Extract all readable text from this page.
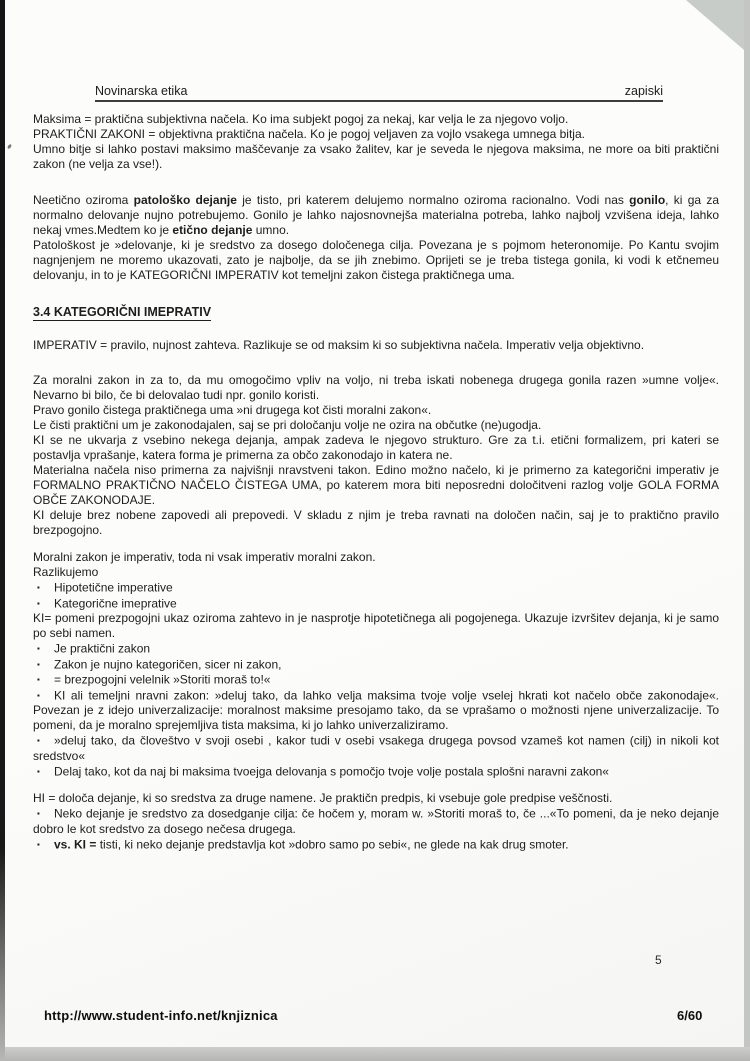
Novinarska etika	zapiski
Maksima = praktična subjektivna načela. Ko ima subjekt pogoj za nekaj, kar velja le za njegovo voljo.
PRAKTIČNI ZAKONI = objektivna praktična načela. Ko je pogoj veljaven za vojlo vsakega umnega bitja.
Umno bitje si lahko postavi maksimo maščevanje za vsako žalitev, kar je seveda le njegova maksima, ne more oa biti praktični zakon (ne velja za vse!).
Neetično oziroma patološko dejanje je tisto, pri katerem delujemo normalno oziroma racionalno. Vodi nas gonilo, ki ga za normalno delovanje nujno potrebujemo. Gonilo je lahko najosnovnejša materialna potreba, lahko najbolj vzvišena ideja, lahko nekaj vmes.Medtem ko je etično dejanje umno.
Patološkost je »delovanje, ki je sredstvo za dosego določenega cilja. Povezana je s pojmom heteronomije. Po Kantu svojim nagnjenjem ne moremo ukazovati, zato je najbolje, da se jih znebimo. Oprijeti se je treba tistega gonila, ki vodi k etčnemeu delovanju, in to je KATEGORIČNI IMPERATIV kot temeljni zakon čistega praktičnega uma.
3.4 KATEGORIČNI IMEPRATIV
IMPERATIV = pravilo, nujnost zahteva. Razlikuje se od maksim ki so subjektivna načela. Imperativ velja objektivno.
Za moralni zakon in za to, da mu omogočimo vpliv na voljo, ni treba iskati nobenega drugega gonila razen »umne volje«. Nevarno bi bilo, če bi delovalao tudi npr. gonilo koristi.
Pravo gonilo čistega praktičnega uma »ni drugega kot čisti moralni zakon«.
Le čisti praktični um je zakonodajalen, saj se pri določanju volje ne ozira na občutke (ne)ugodja.
KI se ne ukvarja z vsebino nekega dejanja, ampak zadeva le njegovo strukturo. Gre za t.i. etični formalizem, pri kateri se postavlja vprašanje, katera forma je primerna za občo zakonodajo in katera ne.
Materialna načela niso primerna za najvišnji nravstveni takon. Edino možno načelo, ki je primerno za kategorični imperativ je FORMALNO PRAKTIČNO NAČELO ČISTEGA UMA, po katerem mora biti neposredni določitveni razlog volje GOLA FORMA OBČE ZAKONODAJE.
KI deluje brez nobene zapovedi ali prepovedi. V skladu z njim je treba ravnati na določen način, saj je to praktično pravilo brezpogojno.
Moralni zakon je imperativ, toda ni vsak imperativ moralni zakon.
Razlikujemo
▪ Hipotetične imperative
▪ Kategorične imeprative
KI= pomeni prezpogojni ukaz oziroma zahtevo in je nasprotje hipotetičnega ali pogojenega. Ukazuje izvršitev dejanja, ki je samo po sebi namen.
▪ Je praktični zakon
▪ Zakon je nujno kategoričen, sicer ni zakon,
▪ = brezpogojni velelnik »Storiti moraš to!«
▪ KI ali temeljni nravni zakon: »deluj tako, da lahko velja maksima tvoje volje vselej hkrati kot načelo obče zakonodaje«. Povezan je z idejo univerzalizacije: moralnost maksime presojamo tako, da se vprašamo o možnosti njene univerzalizacije. To pomeni, da je moralno sprejemljiva tista maksima, ki jo lahko univerzaliziramo.
▪ »deluj tako, da človeštvo v svoji osebi , kakor tudi v osebi vsakega drugega povsod vzameš kot namen (cilj) in nikoli kot sredstvo«
▪ Delaj tako, kot da naj bi maksima tvoejga delovanja s pomočjo tvoje volje postala splošni naravni zakon«
HI = določa dejanje, ki so sredstva za druge namene. Je praktičn predpis, ki vsebuje gole predpise veščnosti.
▪ Neko dejanje je sredstvo za dosedganje cilja: če hočem y, moram w. »Storiti moraš to, če ...«To pomeni, da je neko dejanje dobro le kot sredstvo za dosego nečesa drugega.
▪ vs. KI = tisti, ki neko dejanje predstavlja kot »dobro samo po sebi«, ne glede na kak drug smoter.
5
http://www.student-info.net/knjiznica	6/60
